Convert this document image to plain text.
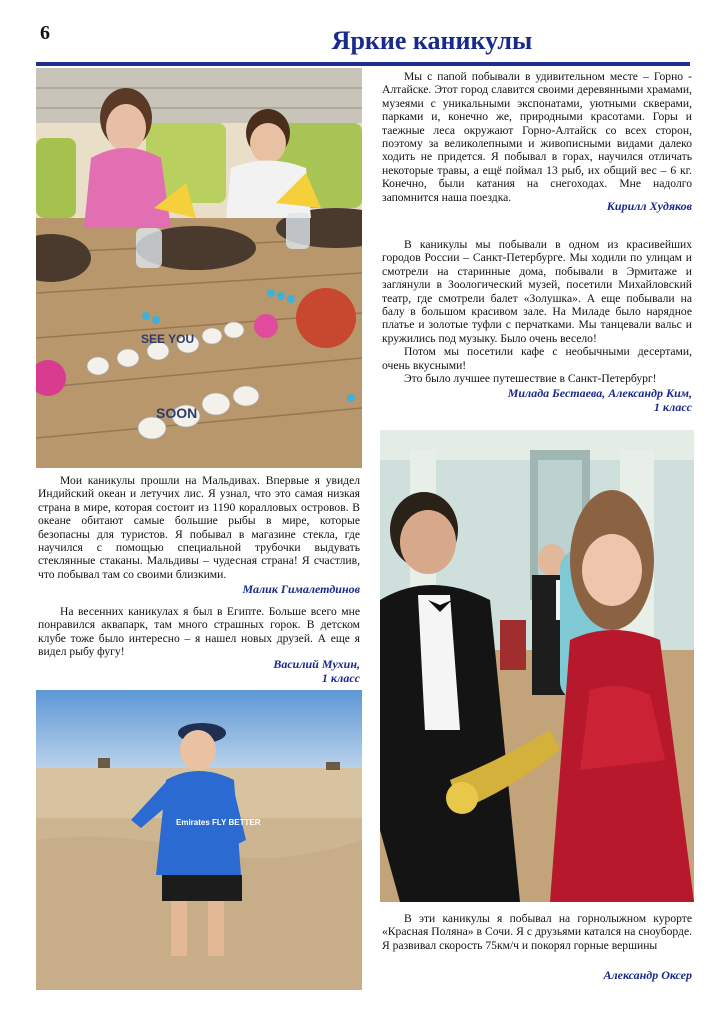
6	Яркие каникулы
SEE YOU
SOON

Мы с папой побывали в удивительном месте – Горно - Алтайске. Этот город славится своими деревянными храмами, музеями с уникальными экспонатами, уютными скверами, парками и, конечно же, природными красотами. Горы и таежные леса окружают Горно-Алтайск со всех сторон, поэтому за великолепными и живописными видами далеко ходить не придется. Я побывал в горах, научился отличать некоторые травы, а ещё поймал 13 рыб, их общий вес – 6 кг. Конечно, были катания на снегоходах. Мне надолго запомнится наша поездка.

Кирилл Худяков

В каникулы мы побывали в одном из красивейших городов России – Санкт-Петербурге. Мы ходили по улицам и смотрели на старинные дома, побывали в Эрмитаже и заглянули в Зоологический музей, посетили Михайловский театр, где смотрели балет «Золушка». А еще побывали на балу в большом красивом зале. На Миладе было нарядное платье и золотые туфли с перчатками. Мы танцевали вальс и кружились под музыку. Было очень весело!

Потом мы посетили кафе с необычными десертами, очень вкусными!

Это было лучшее путешествие в Санкт-Петербург!

Милада Бестаева, Александр Ким,
1 класс

Мои каникулы прошли на Мальдивах. Впервые я увидел Индийский океан и летучих лис. Я узнал, что это самая низкая страна в мире, которая состоит из 1190 коралловых островов. В океане обитают самые большие рыбы в мире, которые безопасны для туристов. Я побывал в магазине стекла, где научился с помощью специальной трубочки выдувать стеклянные стаканы. Мальдивы – чудесная страна! Я счастлив, что побывал там со своими близкими.

Малик Гималетдинов

На весенних каникулах я был в Египте. Больше всего мне понравился аквапарк, там много страшных горок. В детском клубе тоже было интересно – я нашел новых друзей. А еще я видел рыбу фугу!

Василий Мухин,
1 класс
Emirates FLY BETTER

В эти каникулы я побывал на горнолыжном курорте «Красная Поляна» в Сочи. Я с друзьями катался на сноуборде. Я развивал скорость 75км/ч и покорял горные вершины

Александр Оксер
